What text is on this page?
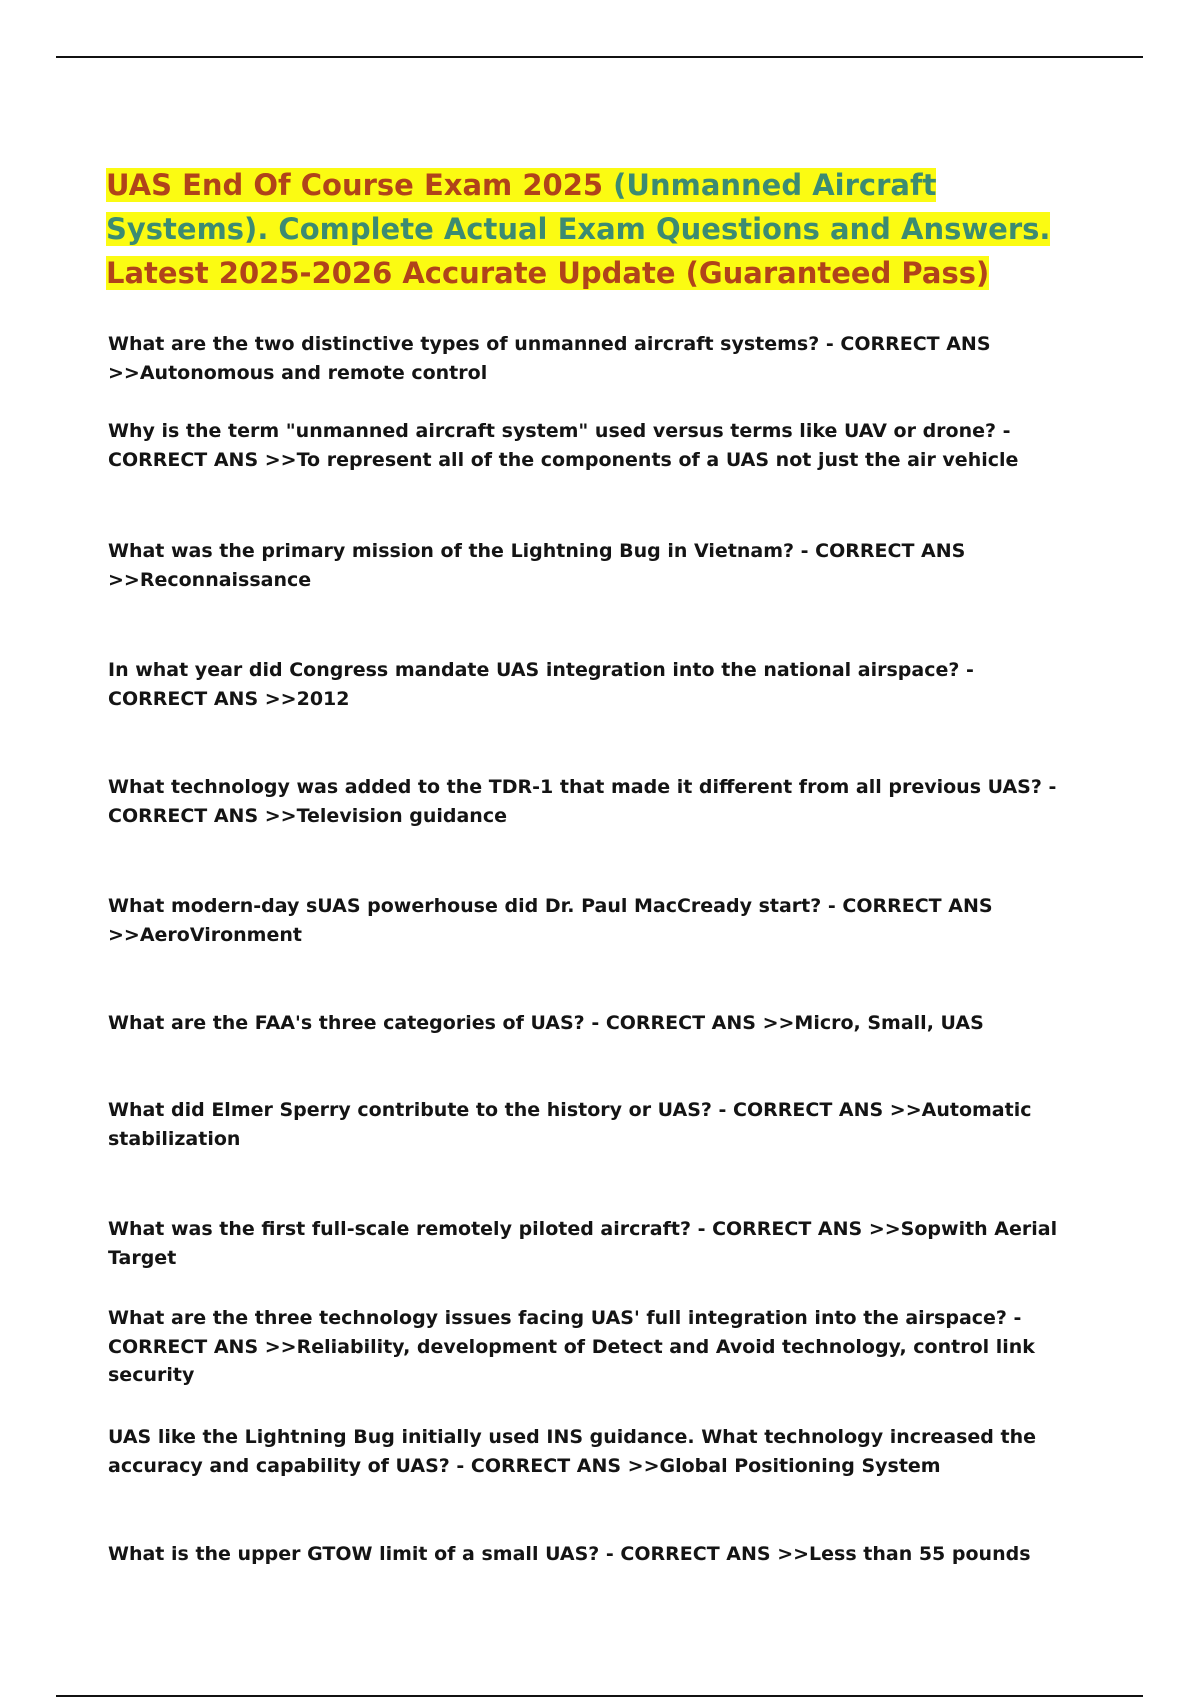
UAS End Of Course Exam 2025 (Unmanned Aircraft Systems). Complete Actual Exam Questions and Answers. Latest 2025-2026 Accurate Update (Guaranteed Pass)

What are the two distinctive types of unmanned aircraft systems? - CORRECT ANS >>Autonomous and remote control

Why is the term "unmanned aircraft system" used versus terms like UAV or drone? - CORRECT ANS >>To represent all of the components of a UAS not just the air vehicle

What was the primary mission of the Lightning Bug in Vietnam? - CORRECT ANS >>Reconnaissance

In what year did Congress mandate UAS integration into the national airspace? - CORRECT ANS >>2012

What technology was added to the TDR-1 that made it different from all previous UAS? - CORRECT ANS >>Television guidance

What modern-day sUAS powerhouse did Dr. Paul MacCready start? - CORRECT ANS >>AeroVironment

What are the FAA's three categories of UAS? - CORRECT ANS >>Micro, Small, UAS

What did Elmer Sperry contribute to the history or UAS? - CORRECT ANS >>Automatic stabilization

What was the first full-scale remotely piloted aircraft? - CORRECT ANS >>Sopwith Aerial Target

What are the three technology issues facing UAS' full integration into the airspace? - CORRECT ANS >>Reliability, development of Detect and Avoid technology, control link security

UAS like the Lightning Bug initially used INS guidance. What technology increased the accuracy and capability of UAS? - CORRECT ANS >>Global Positioning System

What is the upper GTOW limit of a small UAS? - CORRECT ANS >>Less than 55 pounds
